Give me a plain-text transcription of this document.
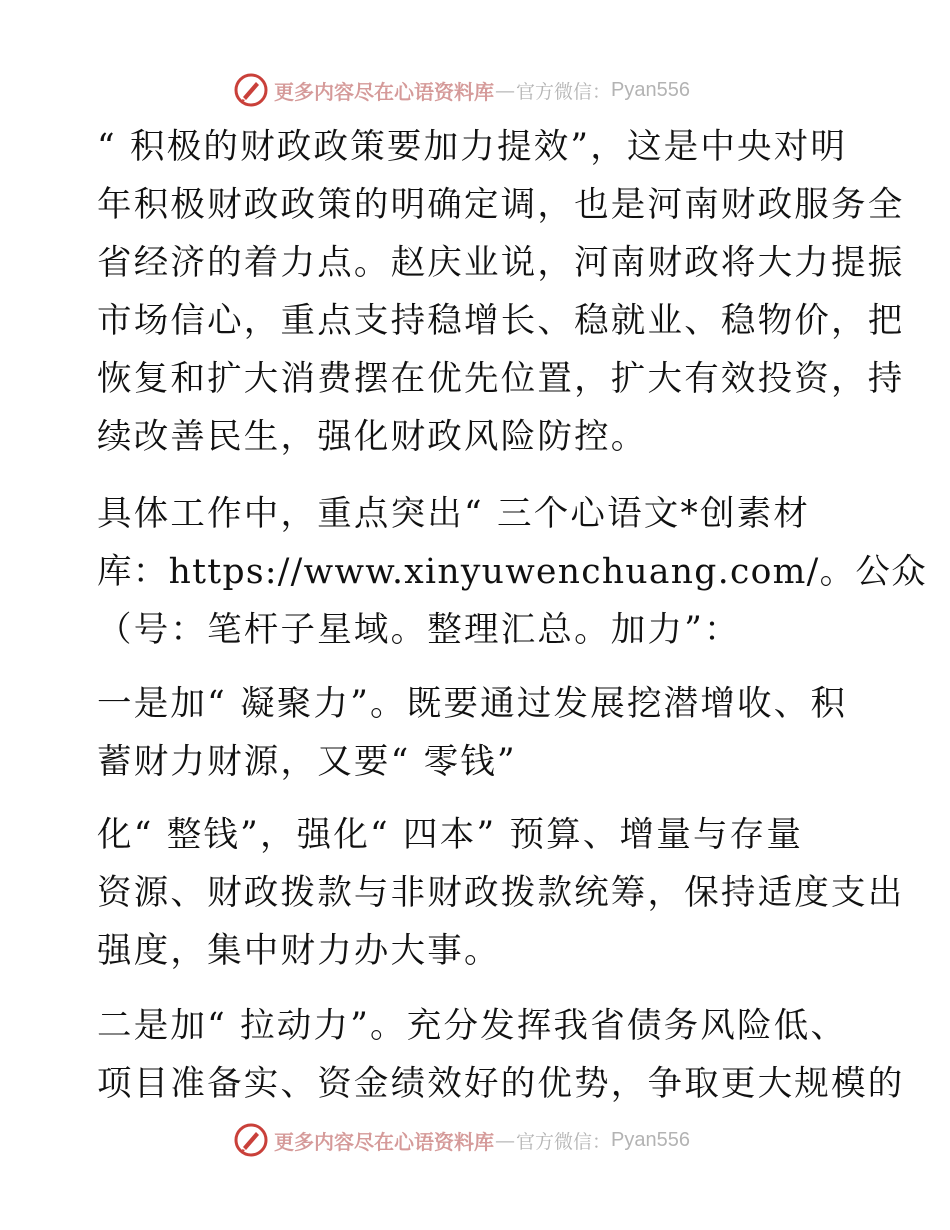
更多内容尽在心语资料库 — 官方微信： Pyan556
“ 积极的财政政策要加力提效”，这是中央对明
年积极财政政策的明确定调，也是河南财政服务全
省经济的着力点。赵庆业说，河南财政将大力提振
市场信心，重点支持稳增长、稳就业、稳物价，把
恢复和扩大消费摆在优先位置，扩大有效投资，持
续改善民生，强化财政风险防控。
具体工作中，重点突出“ 三个心语文*创素材
库：https://www.xinyuwenchuang.com/。公众
（号：笔杆子星域。整理汇总。加力”：
一是加“ 凝聚力”。既要通过发展挖潜增收、积
蓄财力财源，又要“ 零钱”
化“ 整钱”，强化“ 四本” 预算、增量与存量
资源、财政拨款与非财政拨款统筹，保持适度支出
强度，集中财力办大事。
二是加“ 拉动力”。充分发挥我省债务风险低、
项目准备实、资金绩效好的优势，争取更大规模的
更多内容尽在心语资料库 — 官方微信： Pyan556
